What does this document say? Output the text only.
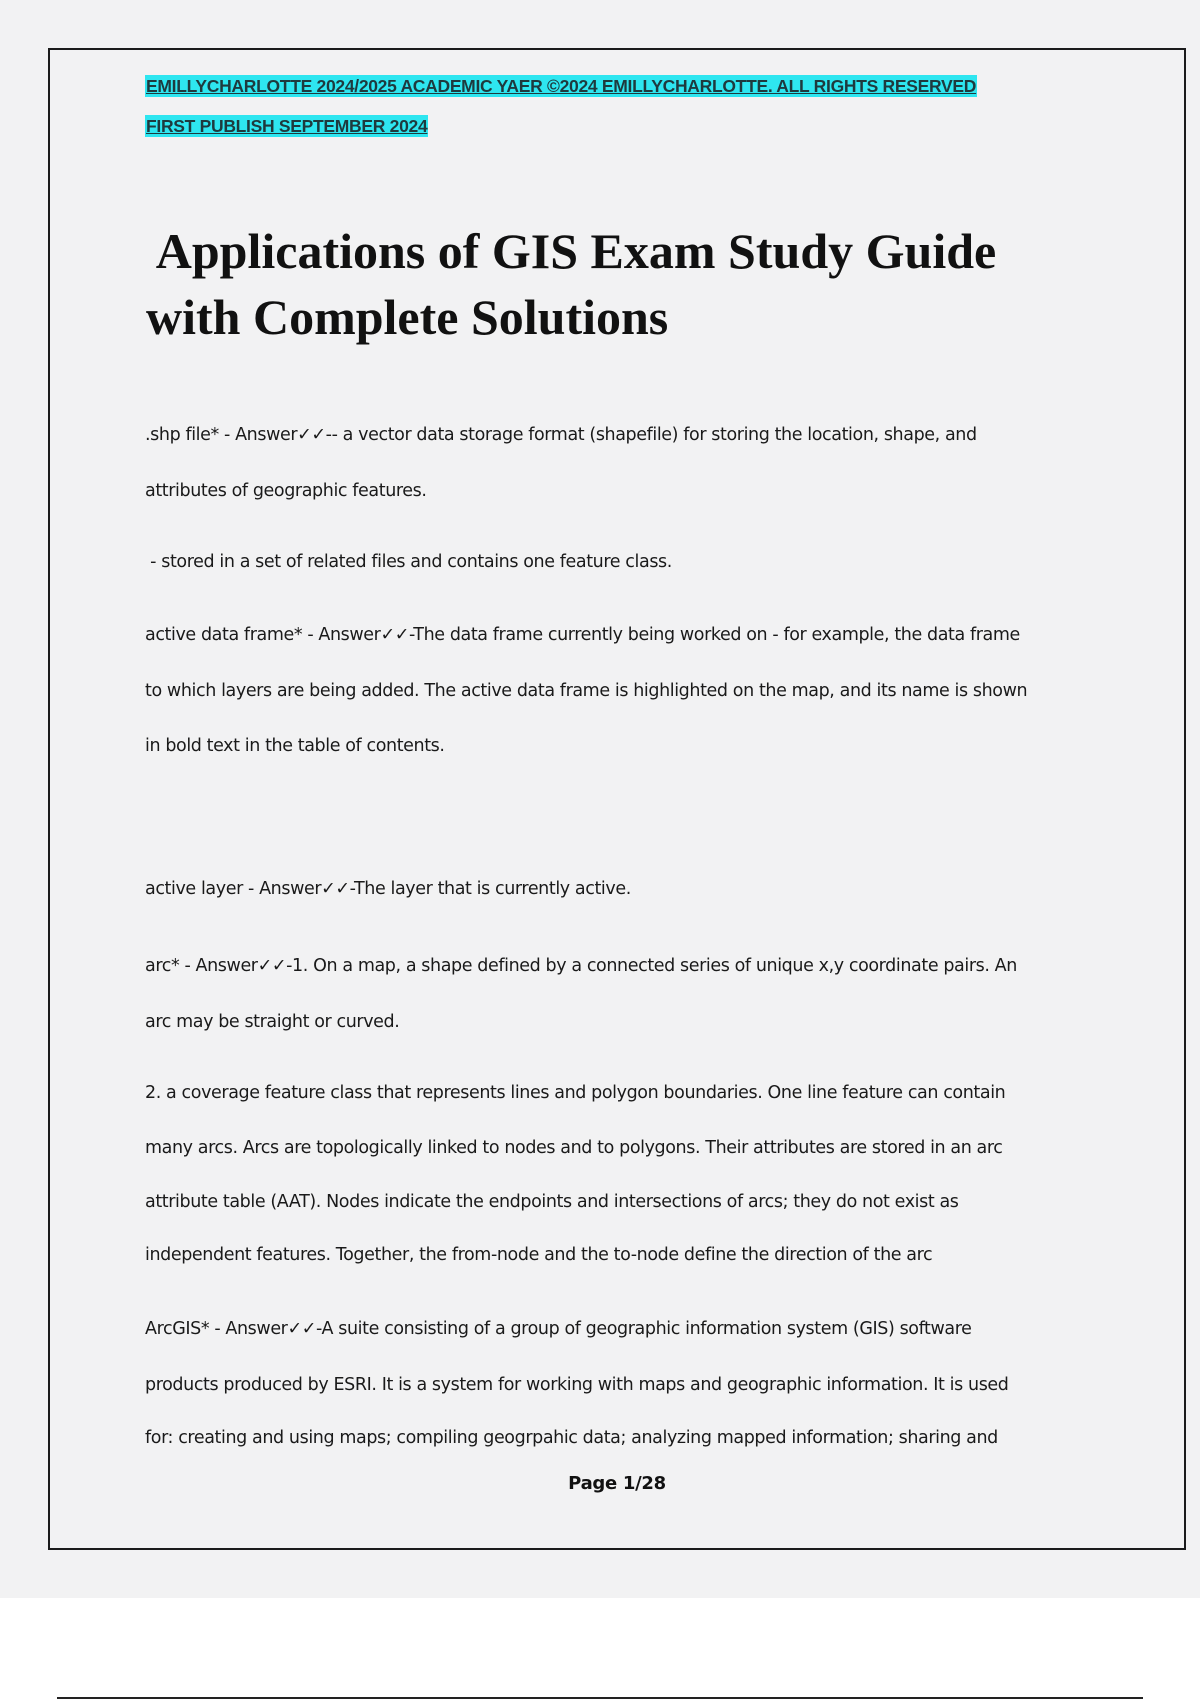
EMILLYCHARLOTTE 2024/2025 ACADEMIC YAER ©2024 EMILLYCHARLOTTE. ALL RIGHTS RESERVED
FIRST PUBLISH SEPTEMBER 2024
Applications of GIS Exam Study Guide
with Complete Solutions
.shp file* - Answer✓✓-- a vector data storage format (shapefile) for storing the location, shape, and
attributes of geographic features.
- stored in a set of related files and contains one feature class.
active data frame* - Answer✓✓-The data frame currently being worked on - for example, the data frame
to which layers are being added. The active data frame is highlighted on the map, and its name is shown
in bold text in the table of contents.
active layer - Answer✓✓-The layer that is currently active.
arc* - Answer✓✓-1. On a map, a shape defined by a connected series of unique x,y coordinate pairs. An
arc may be straight or curved.
2. a coverage feature class that represents lines and polygon boundaries. One line feature can contain
many arcs. Arcs are topologically linked to nodes and to polygons. Their attributes are stored in an arc
attribute table (AAT). Nodes indicate the endpoints and intersections of arcs; they do not exist as
independent features. Together, the from-node and the to-node define the direction of the arc
ArcGIS* - Answer✓✓-A suite consisting of a group of geographic information system (GIS) software
products produced by ESRI. It is a system for working with maps and geographic information. It is used
for: creating and using maps; compiling geogrpahic data; analyzing mapped information; sharing and
Page 1/28
